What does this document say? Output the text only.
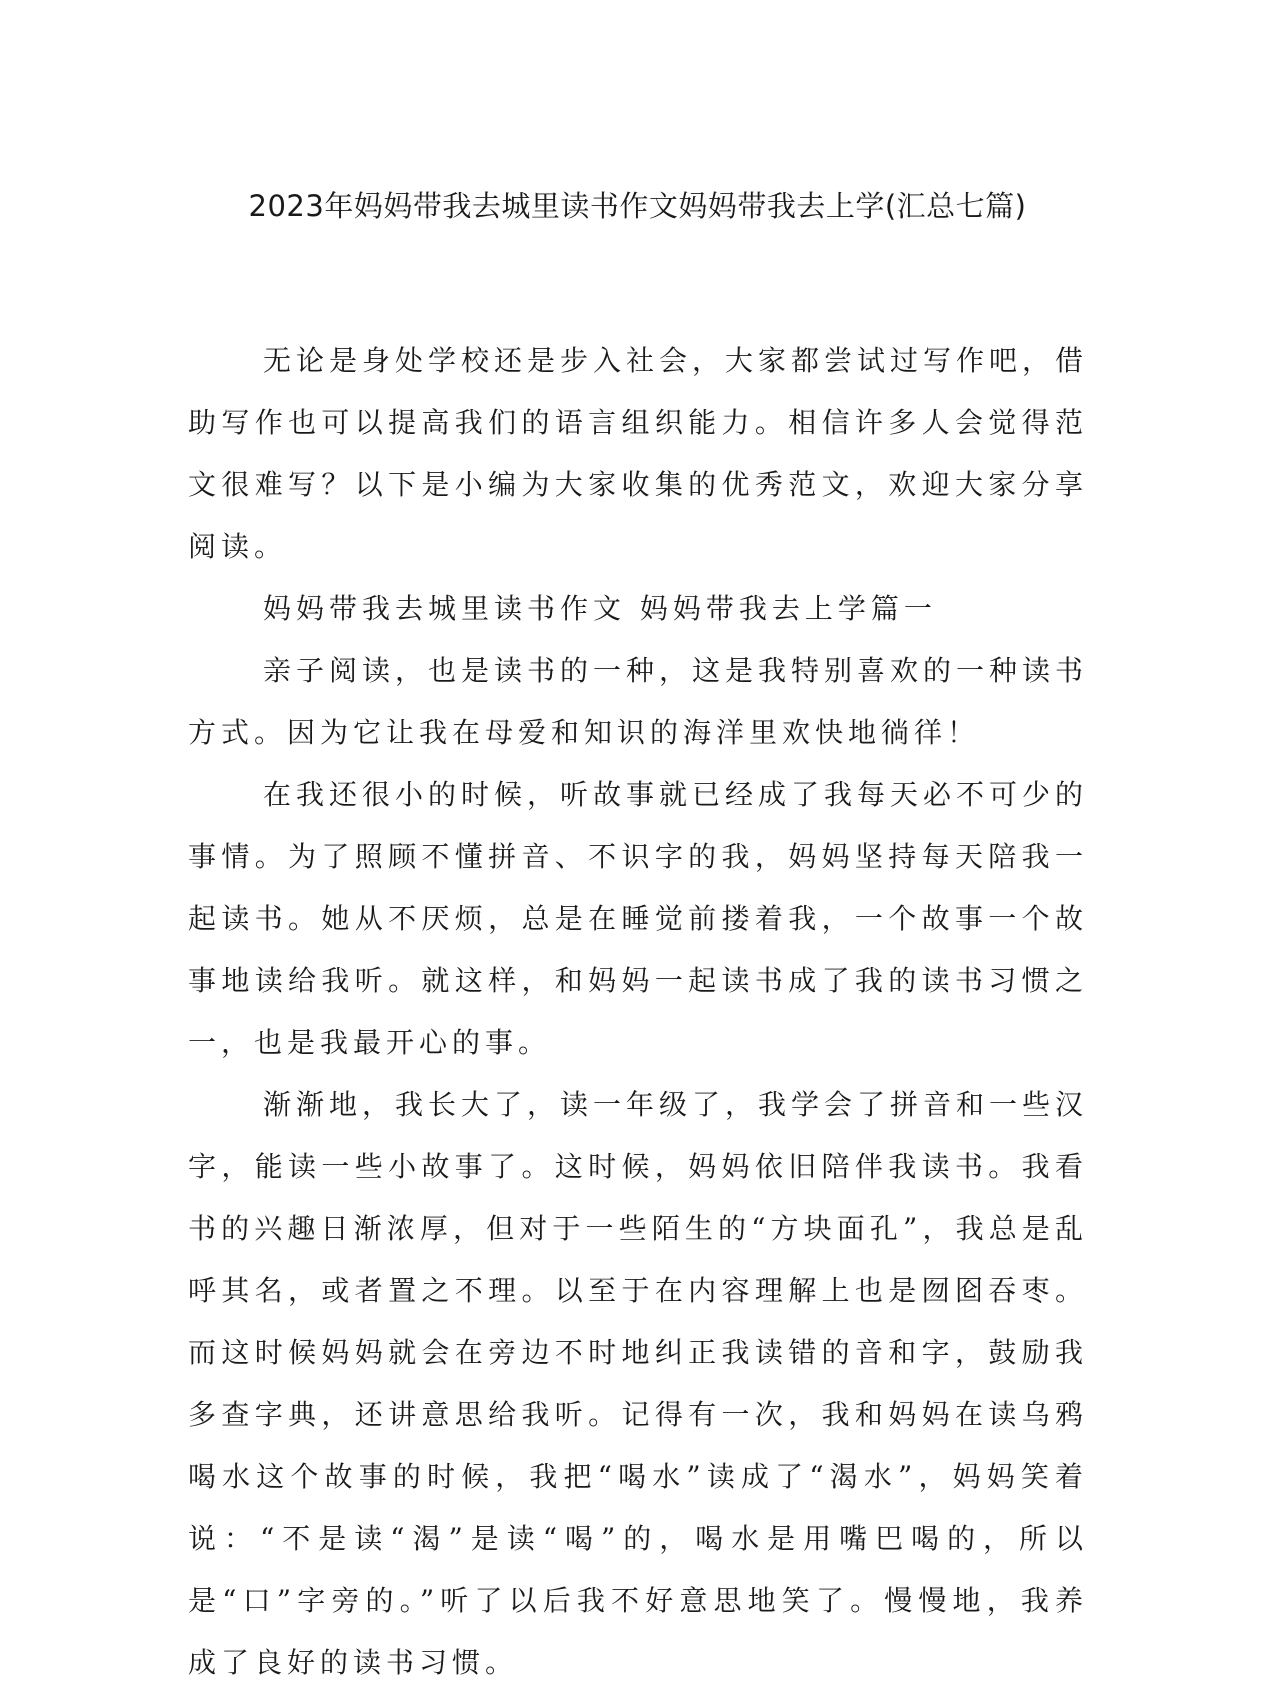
2023年妈妈带我去城里读书作文妈妈带我去上学(汇总七篇)

无论是身处学校还是步入社会，大家都尝试过写作吧，借助写作也可以提高我们的语言组织能力。相信许多人会觉得范文很难写？以下是小编为大家收集的优秀范文，欢迎大家分享阅读。

妈妈带我去城里读书作文 妈妈带我去上学篇一

亲子阅读，也是读书的一种，这是我特别喜欢的一种读书方式。因为它让我在母爱和知识的海洋里欢快地徜徉！

在我还很小的时候，听故事就已经成了我每天必不可少的事情。为了照顾不懂拼音、不识字的我，妈妈坚持每天陪我一起读书。她从不厌烦，总是在睡觉前搂着我，一个故事一个故事地读给我听。就这样，和妈妈一起读书成了我的读书习惯之一，也是我最开心的事。

渐渐地，我长大了，读一年级了，我学会了拼音和一些汉字，能读一些小故事了。这时候，妈妈依旧陪伴我读书。我看书的兴趣日渐浓厚，但对于一些陌生的“方块面孔”，我总是乱呼其名，或者置之不理。以至于在内容理解上也是囫囵吞枣。而这时候妈妈就会在旁边不时地纠正我读错的音和字，鼓励我多查字典，还讲意思给我听。记得有一次，我和妈妈在读乌鸦喝水这个故事的时候，我把“喝水”读成了“渴水”，妈妈笑着说：“不是读“渴”是读“喝”的，喝水是用嘴巴喝的，所以是“口”字旁的。”听了以后我不好意思地笑了。慢慢地，我养成了良好的读书习惯。
